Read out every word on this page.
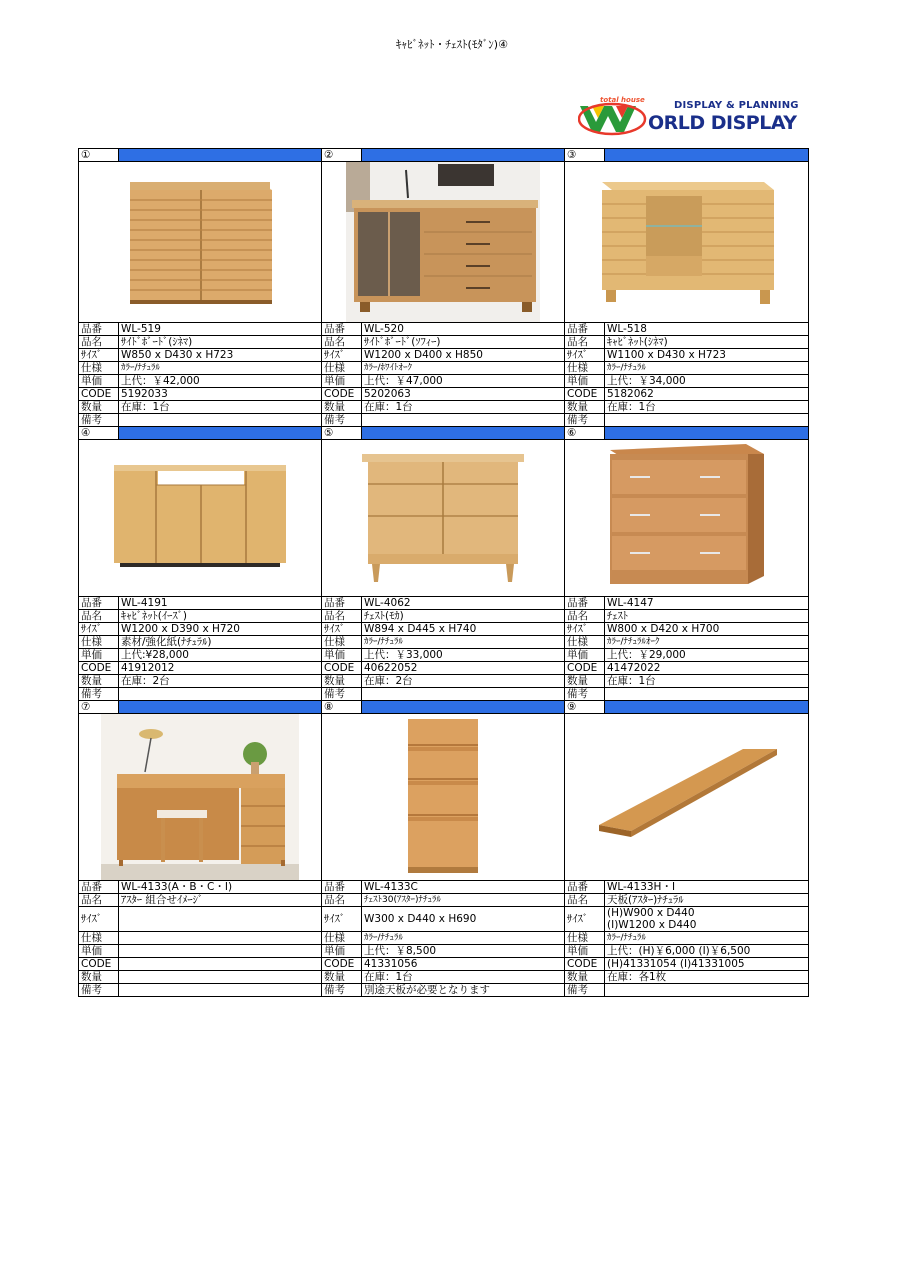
ｷｬﾋﾞﾈｯﾄ・ﾁｪｽﾄ(ﾓﾀﾞﾝ)④
total house	DISPLAY & PLANNING
ORLD DISPLAY
①		②		③	

品番	WL-519	品番	WL-520	品番	WL-518
品名	ｻｲﾄﾞﾎﾞｰﾄﾞ(ｼﾈﾏ)	品名	ｻｲﾄﾞﾎﾞｰﾄﾞ(ｿﾌｨｰ)	品名	ｷｬﾋﾞﾈｯﾄ(ｼﾈﾏ)
ｻｲｽﾞ	W850 x D430 x H723	ｻｲｽﾞ	W1200 x D400 x H850	ｻｲｽﾞ	W1100 x D430 x H723
仕様	ｶﾗｰ/ﾅﾁｭﾗﾙ	仕様	ｶﾗｰ/ﾎﾜｲﾄｵｰｸ	仕様	ｶﾗｰ/ﾅﾁｭﾗﾙ
単価	上代：￥42,000	単価	上代：￥47,000	単価	上代：￥34,000
CODE	5192033	CODE	5202063	CODE	5182062
数量	在庫：1台	数量	在庫：1台	数量	在庫：1台
備考		備考		備考	
④		⑤		⑥	

品番	WL-4191	品番	WL-4062	品番	WL-4147
品名	ｷｬﾋﾞﾈｯﾄ(ｲｰｽﾞ)	品名	ﾁｪｽﾄ(ﾓｶ)	品名	ﾁｪｽﾄ
ｻｲｽﾞ	W1200 x D390 x H720	ｻｲｽﾞ	W894 x D445 x H740	ｻｲｽﾞ	W800 x D420 x H700
仕様	素材/強化紙(ﾅﾁｭﾗﾙ)	仕様	ｶﾗｰ/ﾅﾁｭﾗﾙ	仕様	ｶﾗｰ/ﾅﾁｭﾗﾙｵｰｸ
単価	上代:¥28,000	単価	上代：￥33,000	単価	上代：￥29,000
CODE	41912012	CODE	40622052	CODE	41472022
数量	在庫：2台	数量	在庫：2台	数量	在庫：1台
備考		備考		備考	
⑦		⑧		⑨	

品番	WL-4133(A・B・C・I)	品番	WL-4133C	品番	WL-4133H・I
品名	ｱｽﾀｰ 組合せｲﾒｰｼﾞ	品名	ﾁｪｽﾄ30(ｱｽﾀｰ)ﾅﾁｭﾗﾙ	品名	天板(ｱｽﾀｰ)ﾅﾁｭﾗﾙ
ｻｲｽﾞ		ｻｲｽﾞ	W300 x D440 x H690	ｻｲｽﾞ	(H)W900 x D440
(I)W1200 x D440

仕様		仕様	ｶﾗｰ/ﾅﾁｭﾗﾙ	仕様	ｶﾗｰ/ﾅﾁｭﾗﾙ
単価		単価	上代：￥8,500	単価	上代：(H)￥6,000 (I)￥6,500
CODE		CODE	41331056	CODE	(H)41331054 (I)41331005
数量		数量	在庫：1台	数量	在庫：各1枚
備考		備考	別途天板が必要となります	備考	
